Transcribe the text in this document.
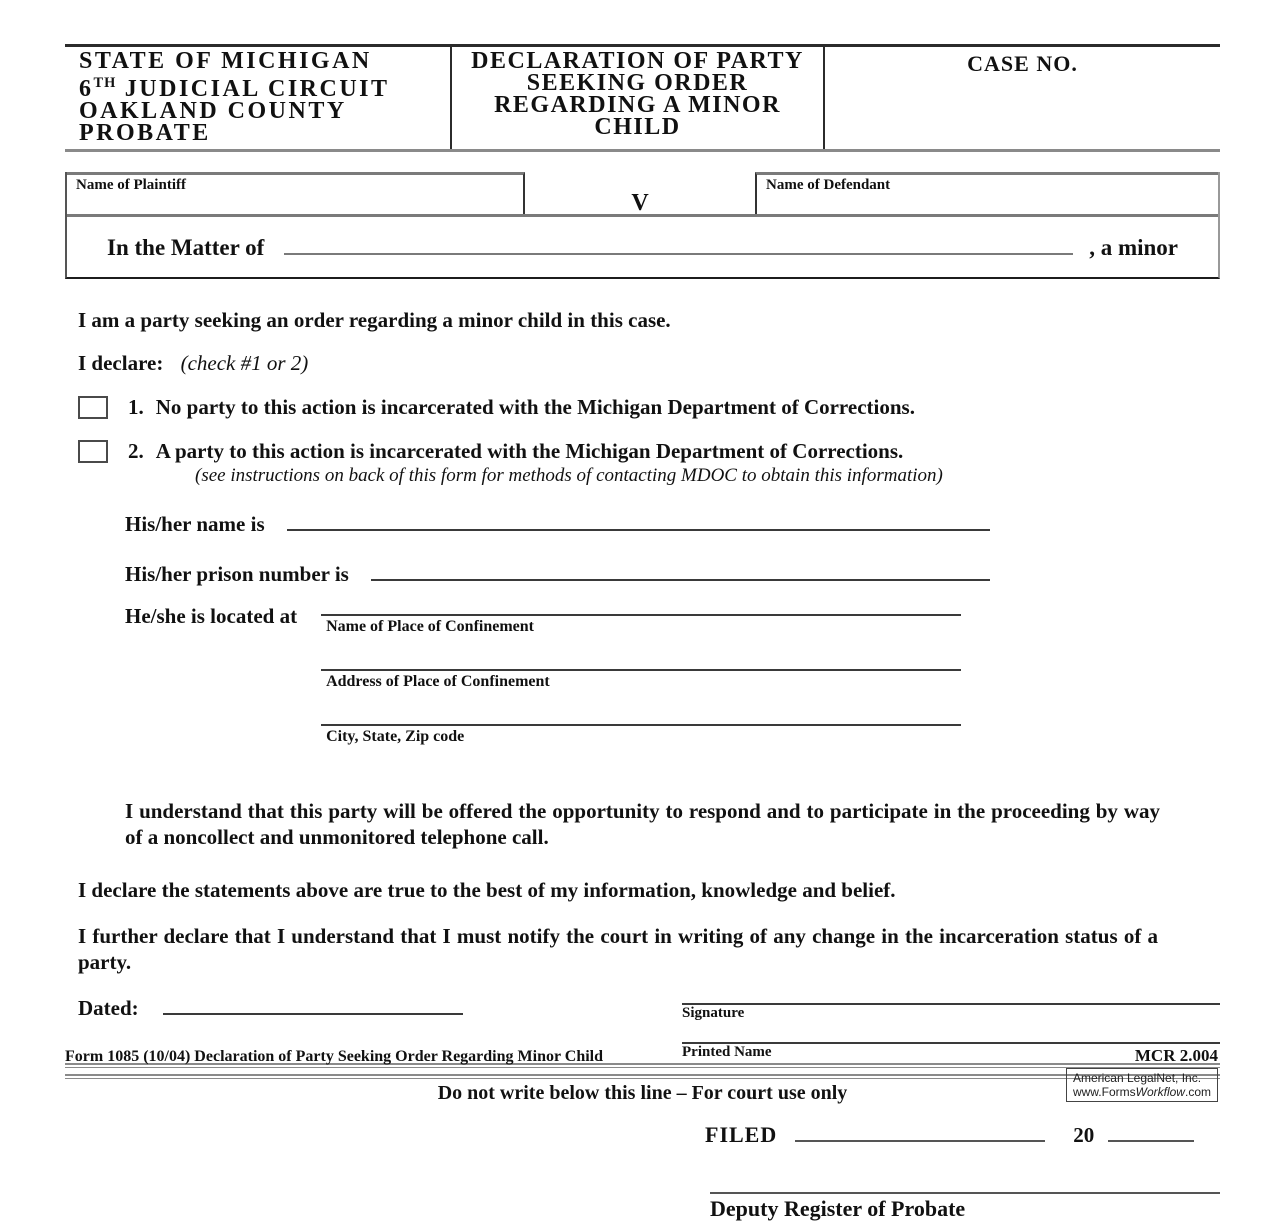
STATE OF MICHIGAN
6TH JUDICIAL CIRCUIT
OAKLAND COUNTY PROBATE
DECLARATION OF PARTY
SEEKING ORDER
REGARDING A MINOR CHILD
CASE NO.
Name of Plaintiff
V
Name of Defendant
In the Matter of	, a minor
I am a party seeking an order regarding a minor child in this case.
I declare: (check #1 or 2)
1. No party to this action is incarcerated with the Michigan Department of Corrections.
2. A party to this action is incarcerated with the Michigan Department of Corrections.
(see instructions on back of this form for methods of contacting MDOC to obtain this information)
His/her name is
His/her prison number is
He/she is located at	Name of Place of Confinement
Address of Place of Confinement
City, State, Zip code
I understand that this party will be offered the opportunity to respond and to participate in the proceeding by way of a noncollect and unmonitored telephone call.
I declare the statements above are true to the best of my information, knowledge and belief.
I further declare that I understand that I must notify the court in writing of any change in the incarceration status of a party.
Dated:	Signature
Printed Name
Do not write below this line – For court use only
FILED	20
Deputy Register of Probate
Form 1085 (10/04) Declaration of Party Seeking Order Regarding Minor Child	MCR 2.004
American LegalNet, Inc.
www.FormsWorkflow.com
